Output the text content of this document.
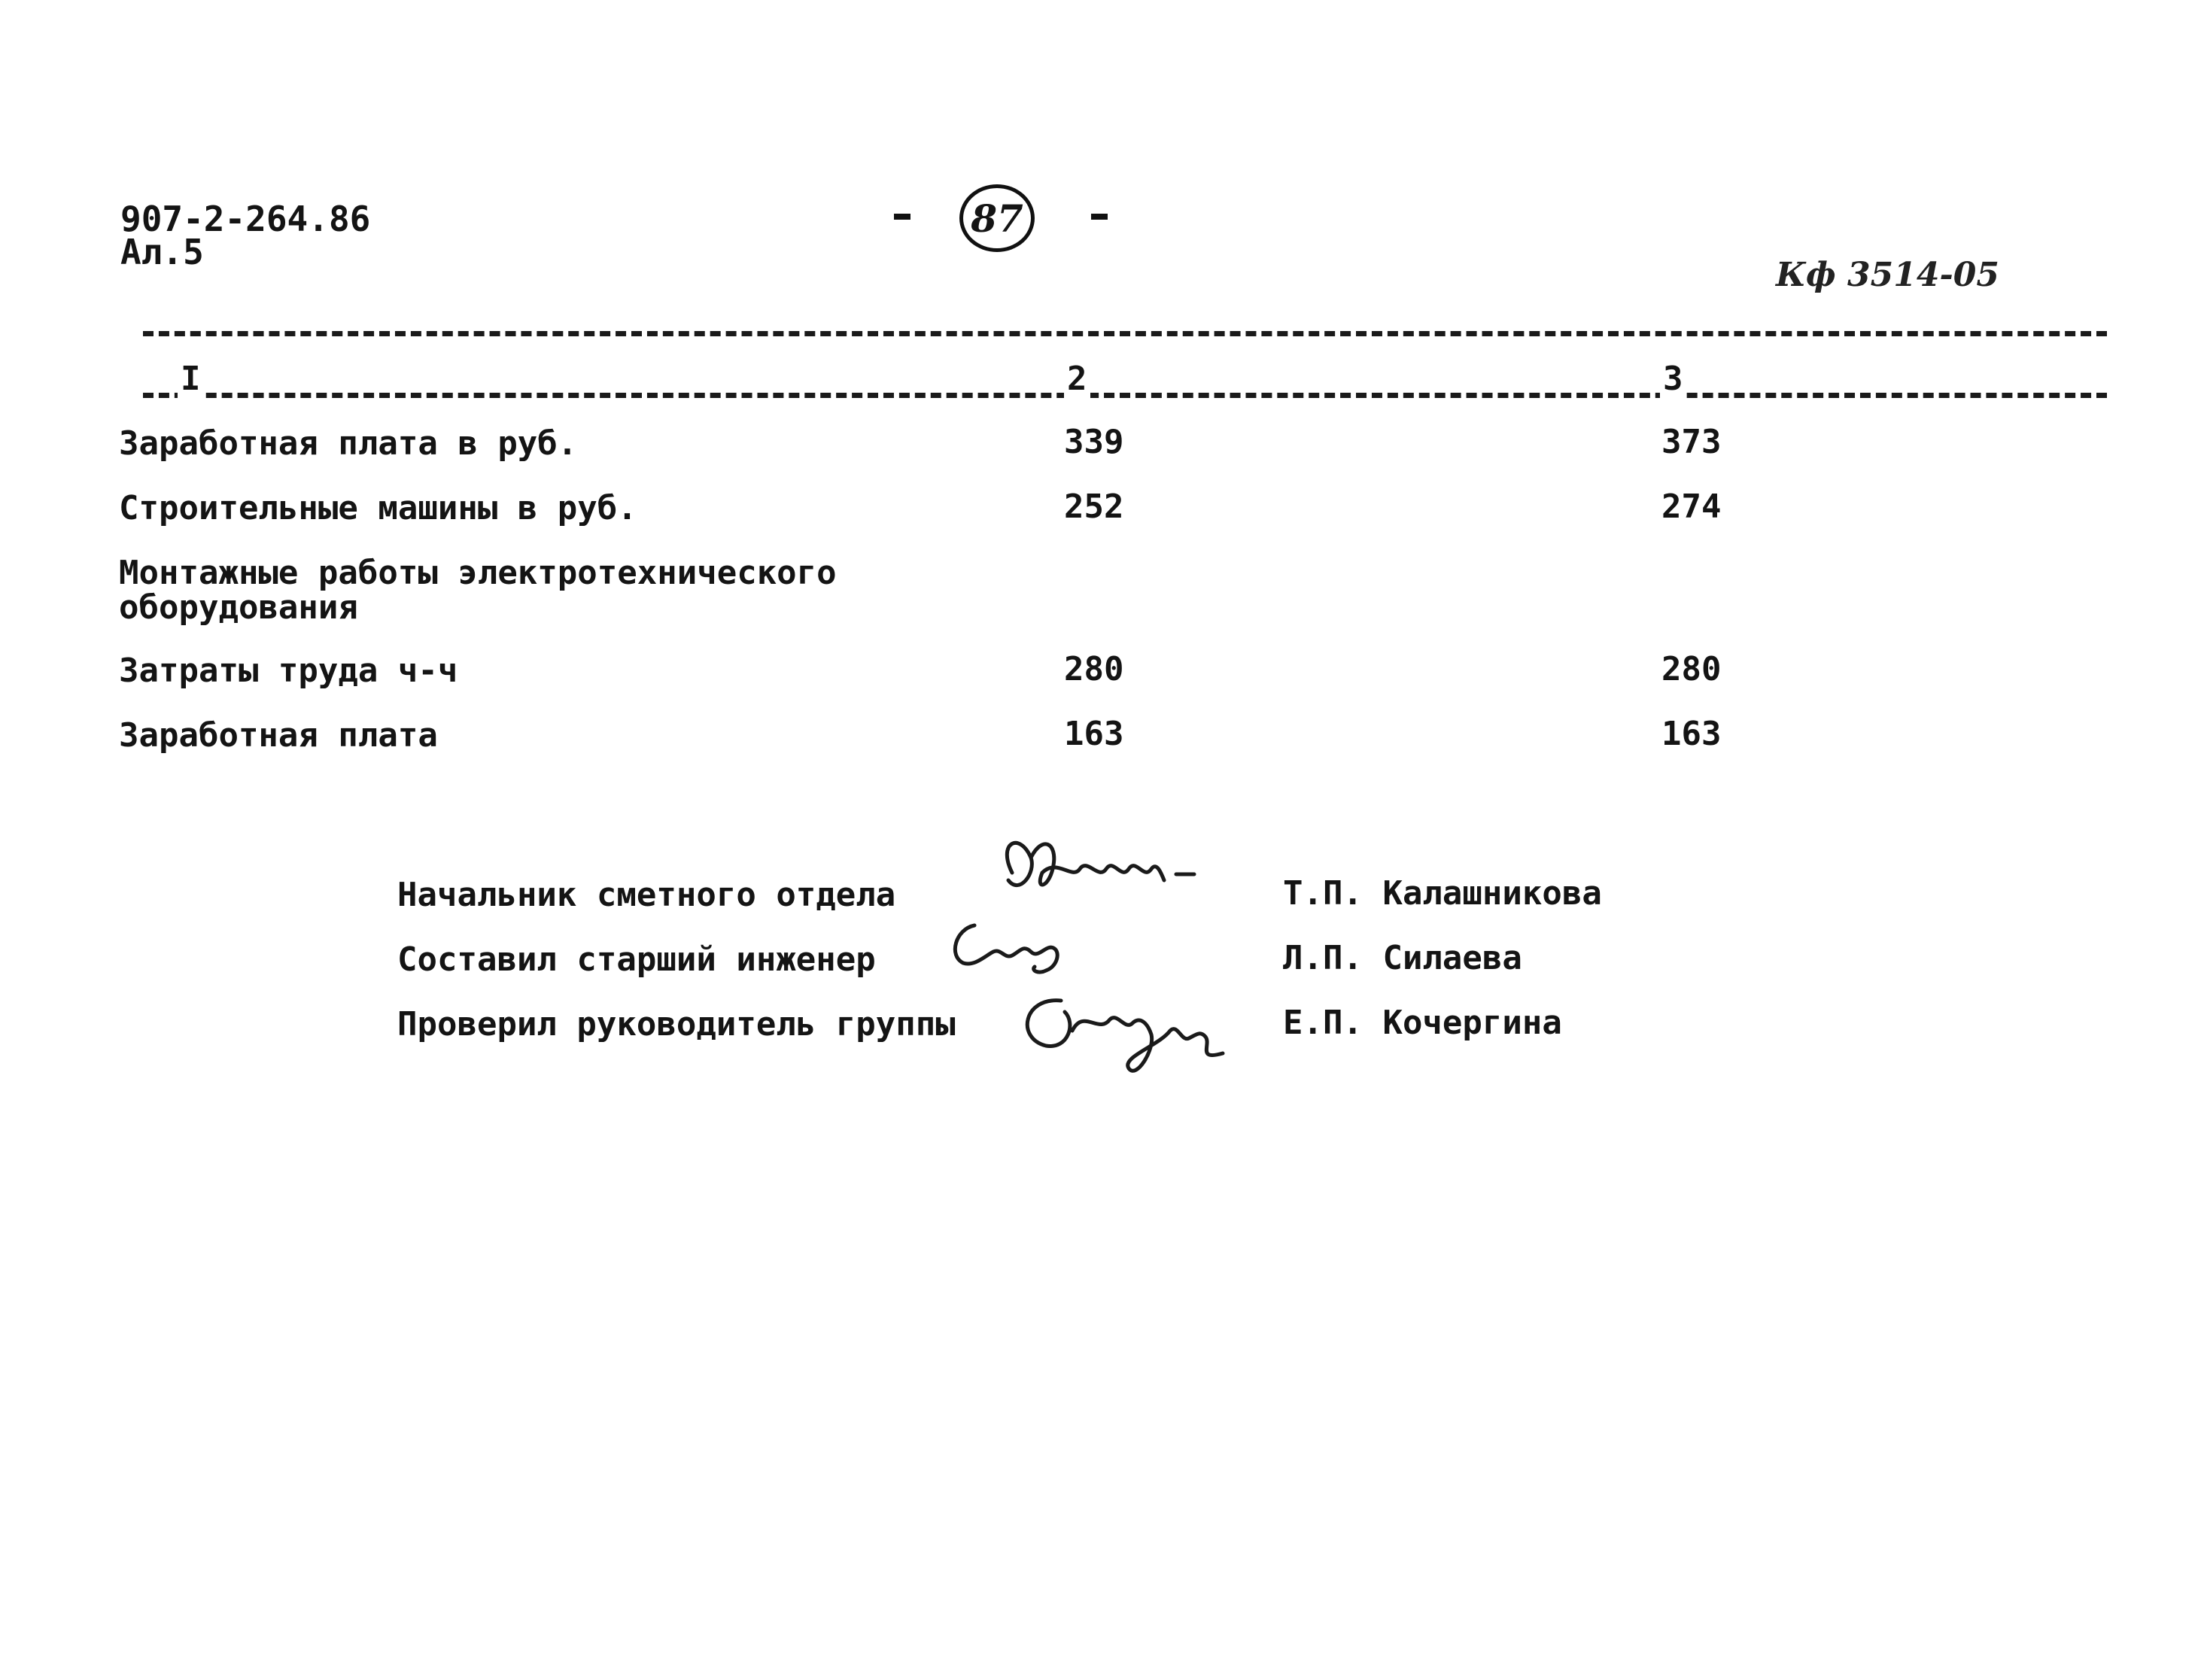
907-2-264.86
Ал.5
87
Кф 3514-05
I	2	3
Заработная плата в руб.	339	373
Строительные машины в руб.	252	274
Монтажные работы электротехнического
оборудования
Затраты труда ч-ч	280	280
Заработная плата	163	163
Начальник сметного отдела	Т.П. Калашникова
Составил старший инженер	Л.П. Силаева
Проверил руководитель группы	Е.П. Кочергина
